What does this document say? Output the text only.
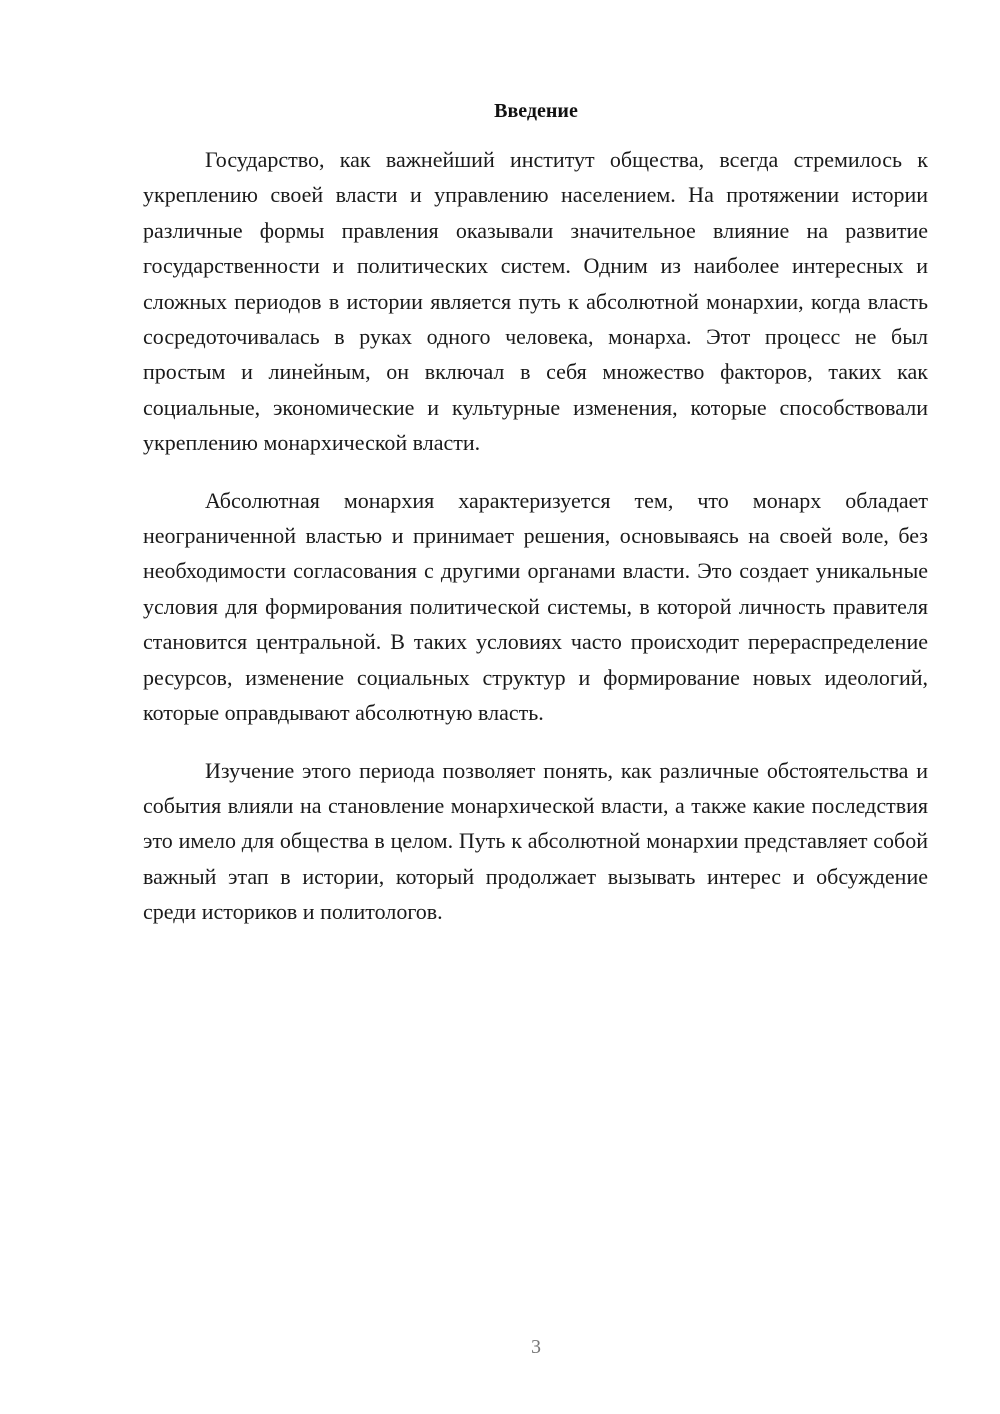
Введение

Государство, как важнейший институт общества, всегда стремилось к укреплению своей власти и управлению населением. На протяжении истории различные формы правления оказывали значительное влияние на развитие государственности и политических систем. Одним из наиболее интересных и сложных периодов в истории является путь к абсолютной монархии, когда власть сосредоточивалась в руках одного человека, монарха. Этот процесс не был простым и линейным, он включал в себя множество факторов, таких как социальные, экономические и культурные изменения, которые способствовали укреплению монархической власти.

Абсолютная монархия характеризуется тем, что монарх обладает неограниченной властью и принимает решения, основываясь на своей воле, без необходимости согласования с другими органами власти. Это создает уникальные условия для формирования политической системы, в которой личность правителя становится центральной. В таких условиях часто происходит перераспределение ресурсов, изменение социальных структур и формирование новых идеологий, которые оправдывают абсолютную власть.

Изучение этого периода позволяет понять, как различные обстоятельства и события влияли на становление монархической власти, а также какие последствия это имело для общества в целом. Путь к абсолютной монархии представляет собой важный этап в истории, который продолжает вызывать интерес и обсуждение среди историков и политологов.

3
